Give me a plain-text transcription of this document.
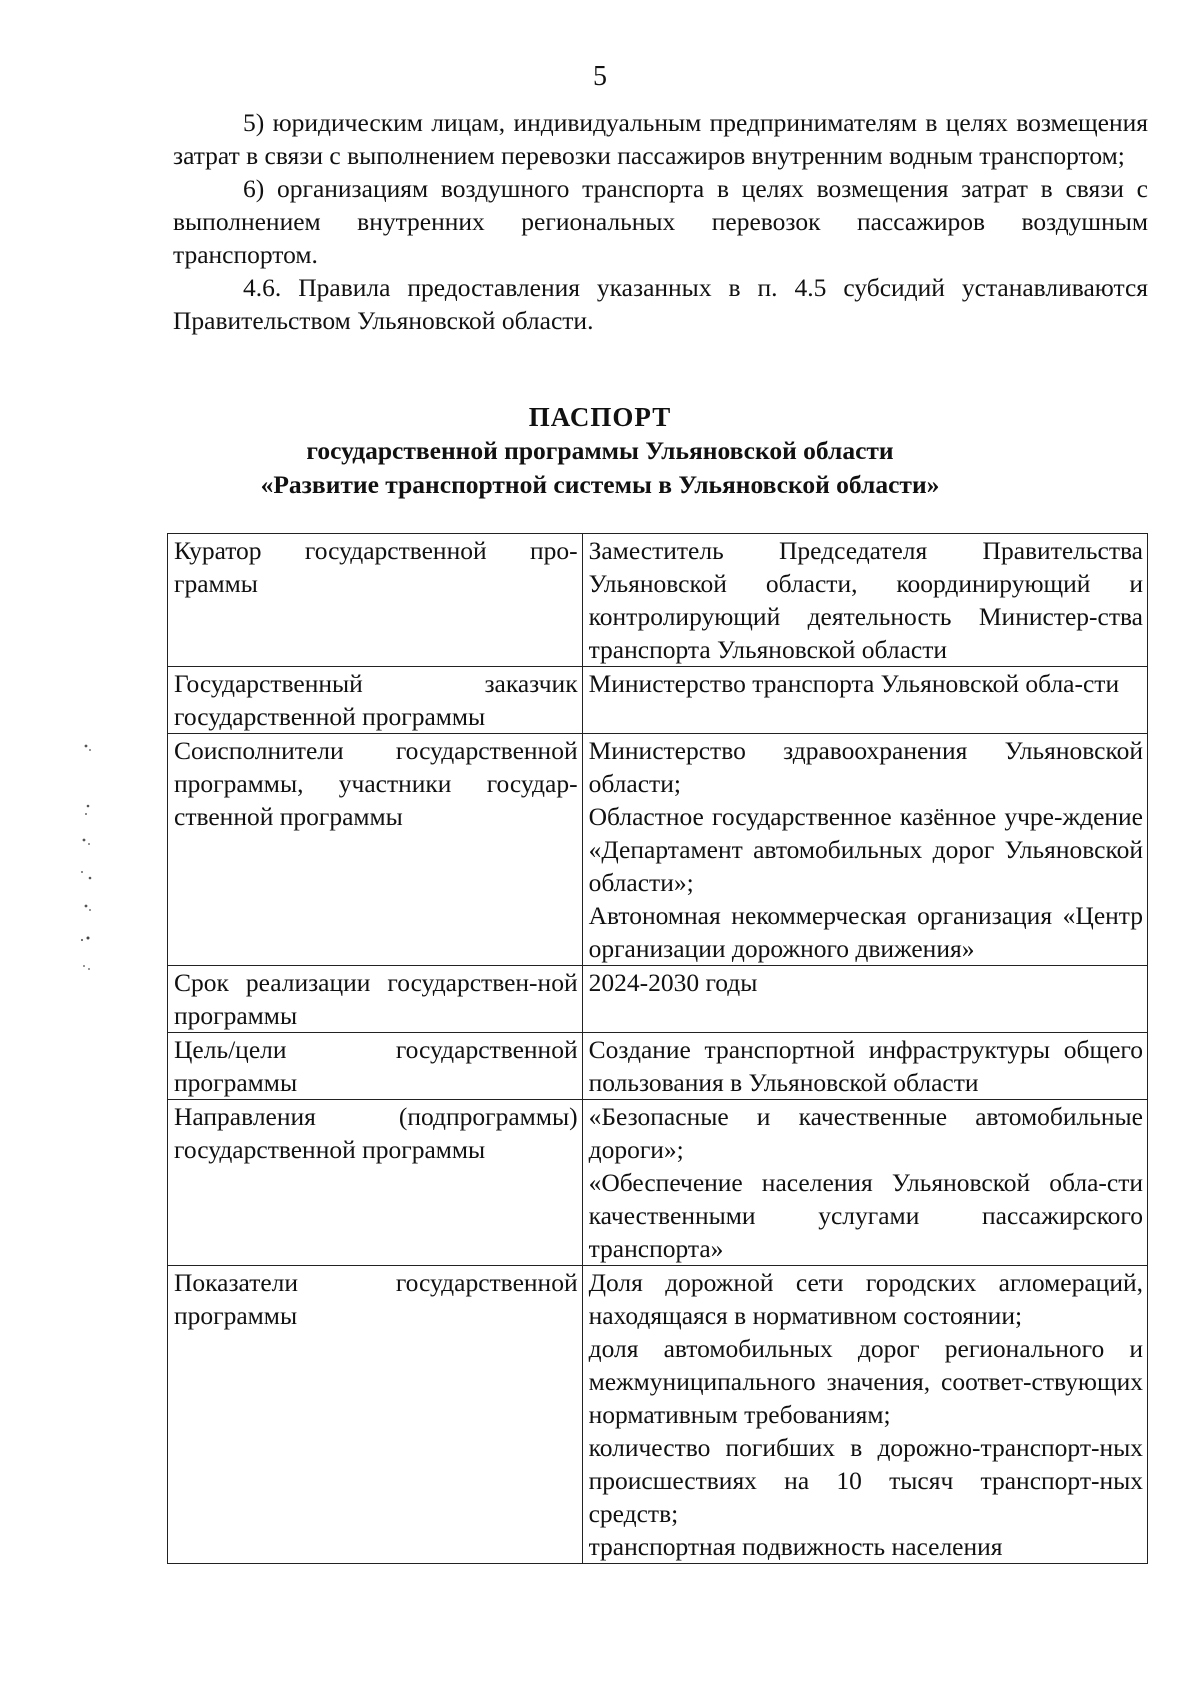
5

5) юридическим лицам, индивидуальным предпринимателям в целях возмещения затрат в связи с выполнением перевозки пассажиров внутренним водным транспортом;

6) организациям воздушного транспорта в целях возмещения затрат в связи с выполнением внутренних региональных перевозок пассажиров воздушным транспортом.

4.6. Правила предоставления указанных в п. 4.5 субсидий устанавливаются Правительством Ульяновской области.

ПАСПОРТ
государственной программы Ульяновской области
«Развитие транспортной системы в Ульяновской области»
Куратор государственной про-граммы	Заместитель Председателя Правительства Ульяновской области, координирующий и контролирующий деятельность Министер-ства транспорта Ульяновской области

Государственный заказчик государственной программы	Министерство транспорта Ульяновской обла-сти

Соисполнители государственной программы, участники государ-ственной программы	Министерство здравоохранения Ульяновской области;
Областное государственное казённое учре-ждение «Департамент автомобильных дорог Ульяновской области»;
Автономная некоммерческая организация «Центр организации дорожного движения»

Срок реализации государствен-ной программы	2024-2030 годы

Цель/цели государственной программы	Создание транспортной инфраструктуры общего пользования в Ульяновской области

Направления (подпрограммы) государственной программы	«Безопасные и качественные автомобильные дороги»;
«Обеспечение населения Ульяновской обла-сти качественными услугами пассажирского транспорта»

Показатели государственной программы	Доля дорожной сети городских агломераций, находящаяся в нормативном состоянии;
доля автомобильных дорог регионального и межмуниципального значения, соответ-ствующих нормативным требованиям;
количество погибших в дорожно-транспорт-ных происшествиях на 10 тысяч транспорт-ных средств;
транспортная подвижность населения
